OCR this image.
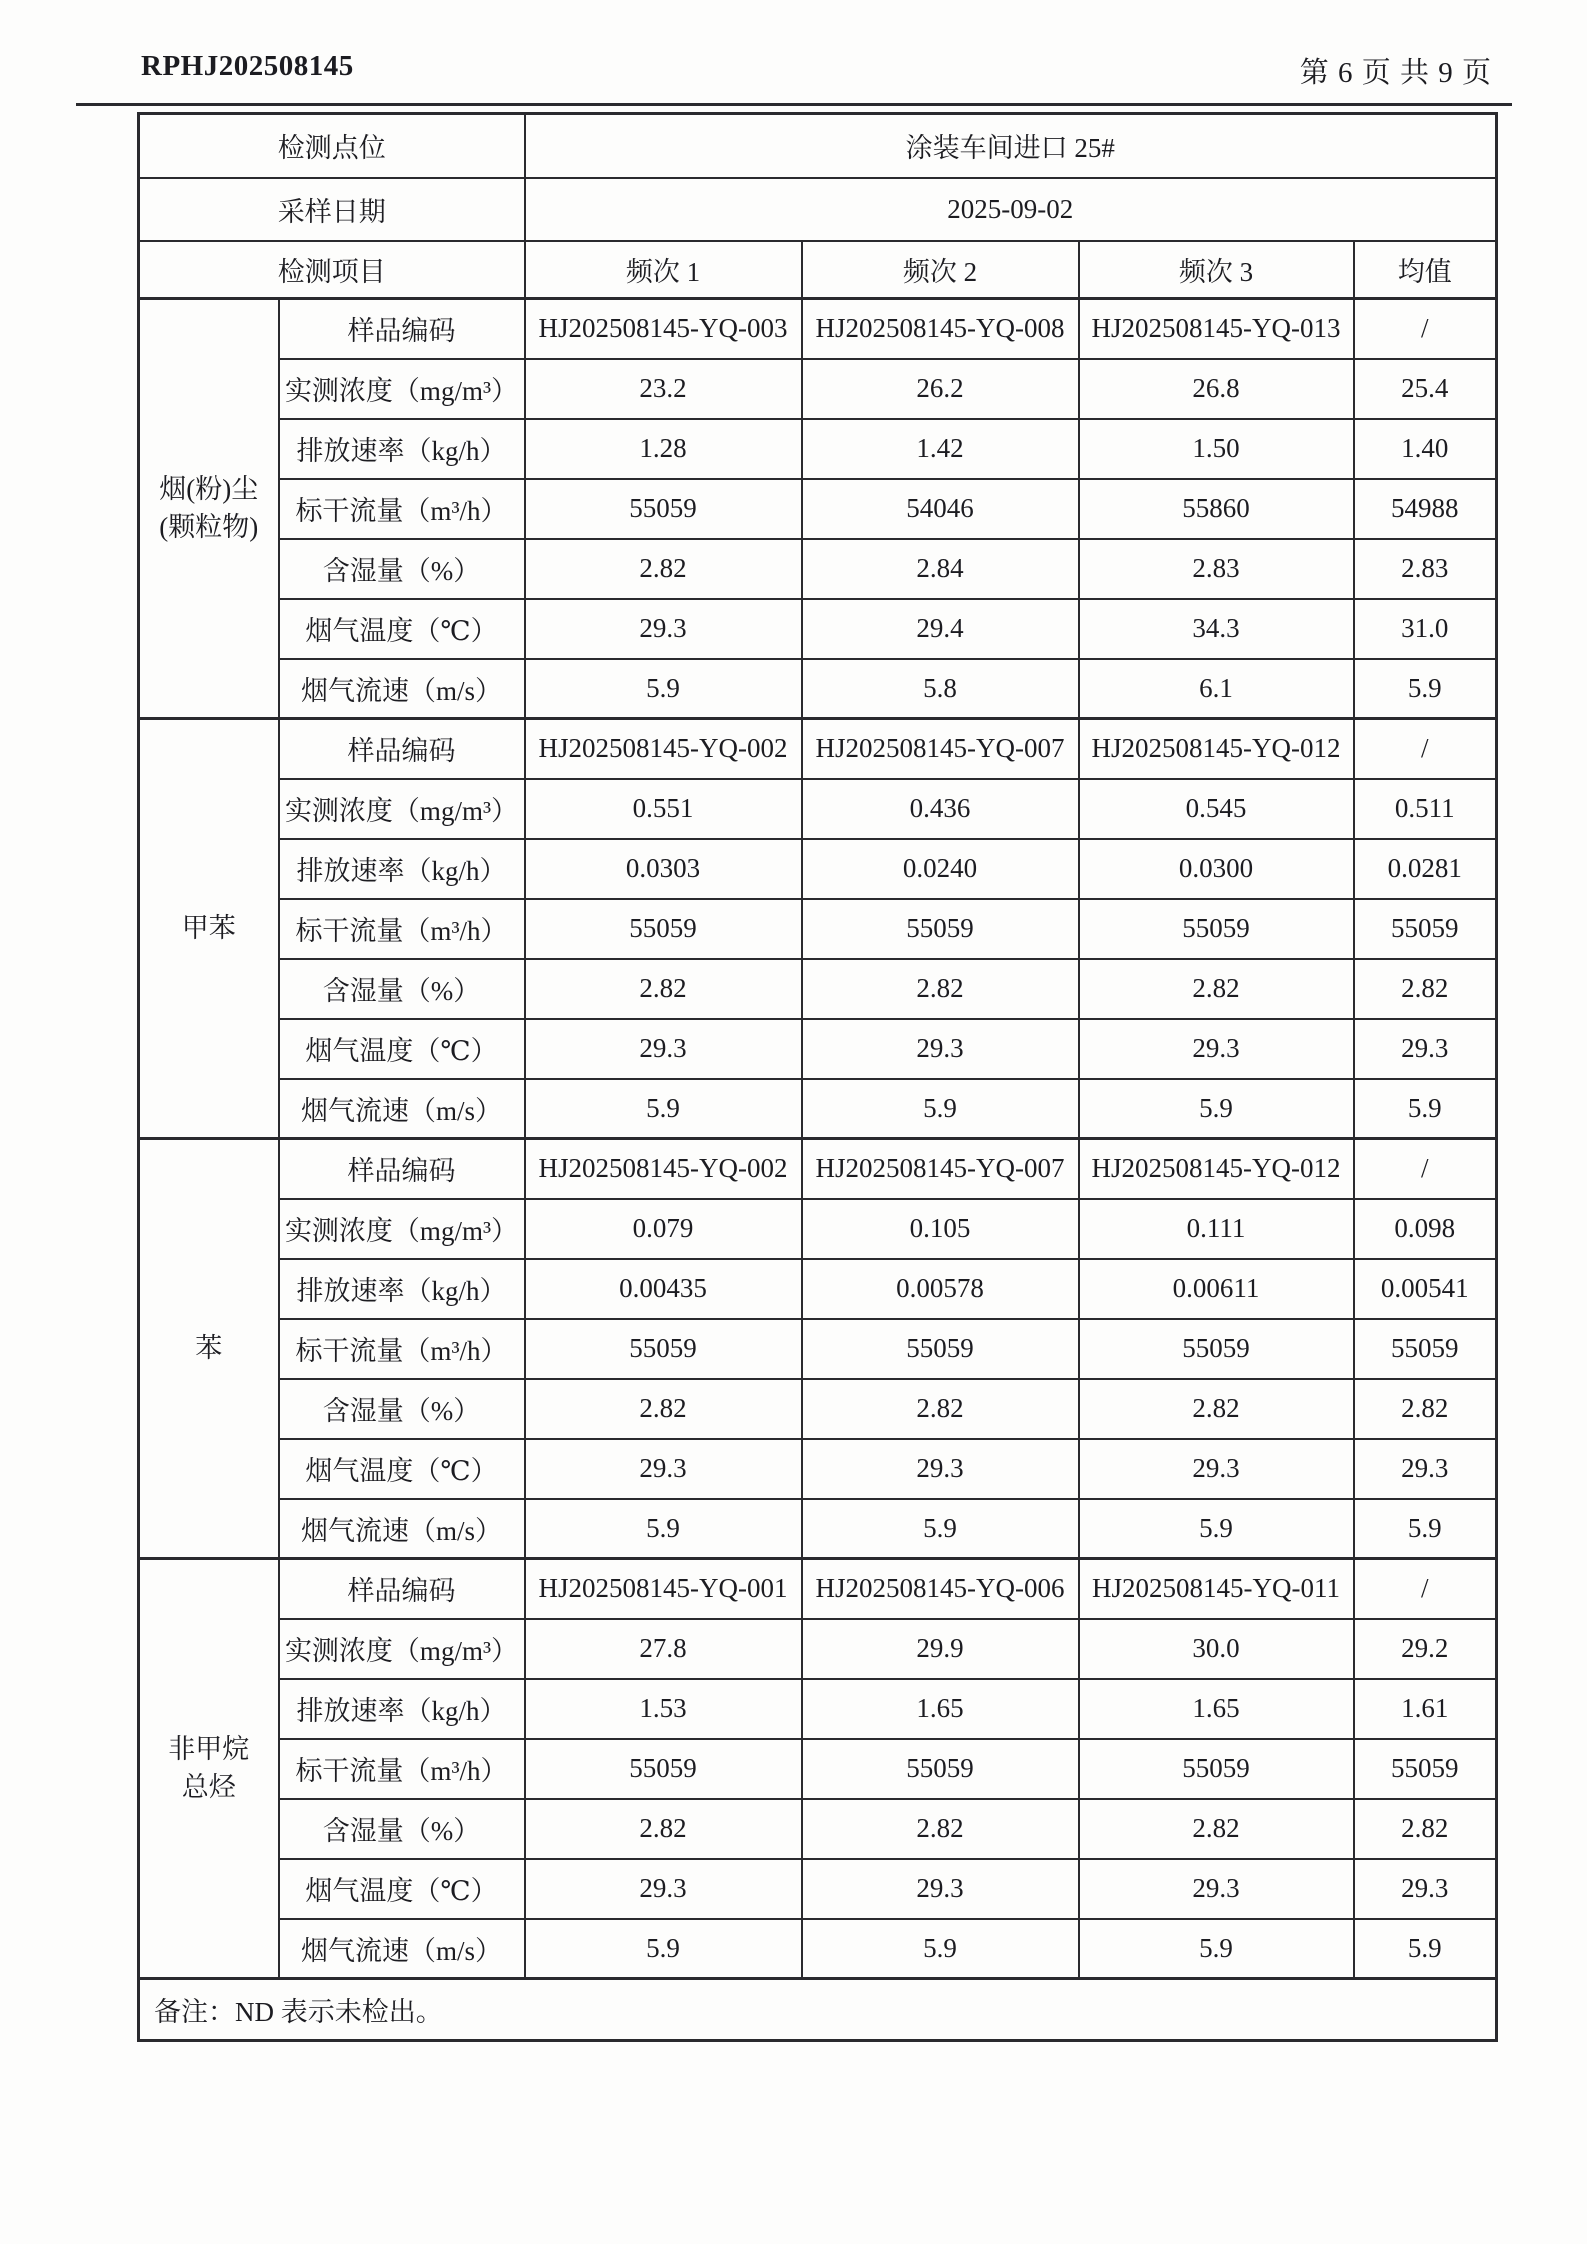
RPHJ202508145	第 6 页 共 9 页
检测点位		涂装车间进口 25#			
采样日期		2025-09-02			
检测项目		频次 1	频次 2	频次 3	均值

烟(粉)尘
(颗粒物)	样品编码	HJ202508145-YQ-003	HJ202508145-YQ-008	HJ202508145-YQ-013	/
	实测浓度（mg/m³）	23.2	26.2	26.8	25.4
	排放速率（kg/h）	1.28	1.42	1.50	1.40
	标干流量（m³/h）	55059	54046	55860	54988
	含湿量（%）	2.82	2.84	2.83	2.83
	烟气温度（℃）	29.3	29.4	34.3	31.0
	烟气流速（m/s）	5.9	5.8	6.1	5.9

甲苯	样品编码	HJ202508145-YQ-002	HJ202508145-YQ-007	HJ202508145-YQ-012	/
	实测浓度（mg/m³）	0.551	0.436	0.545	0.511
	排放速率（kg/h）	0.0303	0.0240	0.0300	0.0281
	标干流量（m³/h）	55059	55059	55059	55059
	含湿量（%）	2.82	2.82	2.82	2.82
	烟气温度（℃）	29.3	29.3	29.3	29.3
	烟气流速（m/s）	5.9	5.9	5.9	5.9

苯	样品编码	HJ202508145-YQ-002	HJ202508145-YQ-007	HJ202508145-YQ-012	/
	实测浓度（mg/m³）	0.079	0.105	0.111	0.098
	排放速率（kg/h）	0.00435	0.00578	0.00611	0.00541
	标干流量（m³/h）	55059	55059	55059	55059
	含湿量（%）	2.82	2.82	2.82	2.82
	烟气温度（℃）	29.3	29.3	29.3	29.3
	烟气流速（m/s）	5.9	5.9	5.9	5.9

非甲烷
总烃	样品编码	HJ202508145-YQ-001	HJ202508145-YQ-006	HJ202508145-YQ-011	/
	实测浓度（mg/m³）	27.8	29.9	30.0	29.2
	排放速率（kg/h）	1.53	1.65	1.65	1.61
	标干流量（m³/h）	55059	55059	55059	55059
	含湿量（%）	2.82	2.82	2.82	2.82
	烟气温度（℃）	29.3	29.3	29.3	29.3
	烟气流速（m/s）	5.9	5.9	5.9	5.9
备注：ND 表示未检出。					
